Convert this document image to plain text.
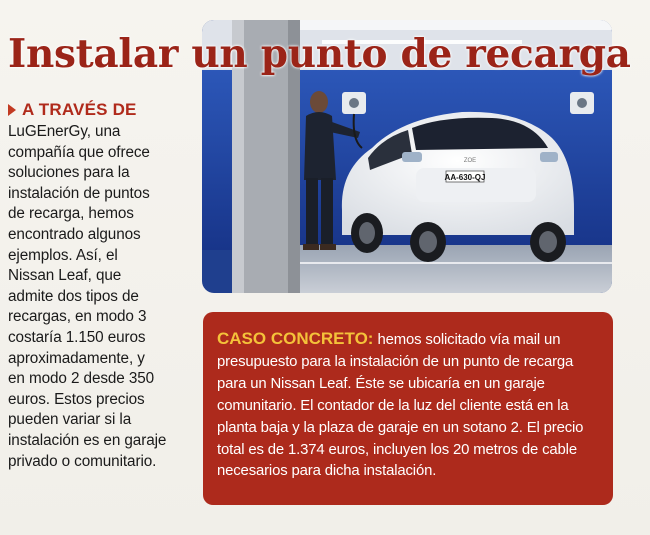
AA-630-QJ
ZOE
Instalar un punto de recarga
A TRAVÉS DE
LuGEnerGy, una
compañía que ofrece
soluciones para la
instalación de puntos
de recarga, hemos
encontrado algunos
ejemplos. Así, el
Nissan Leaf, que
admite dos tipos de
recargas, en modo 3
costaría 1.150 euros
aproximadamente, y
en modo 2 desde 350
euros. Estos precios
pueden variar si la
instalación es en garaje
privado o comunitario.
CASO CONCRETO: hemos solicitado vía mail un
presupuesto para la instalación de un punto de recarga
para un Nissan Leaf. Éste se ubicaría en un garaje
comunitario. El contador de la luz del cliente está en la
planta baja y la plaza de garaje en un sotano 2. El precio
total es de 1.374 euros, incluyen los 20 metros de cable
necesarios para dicha instalación.
